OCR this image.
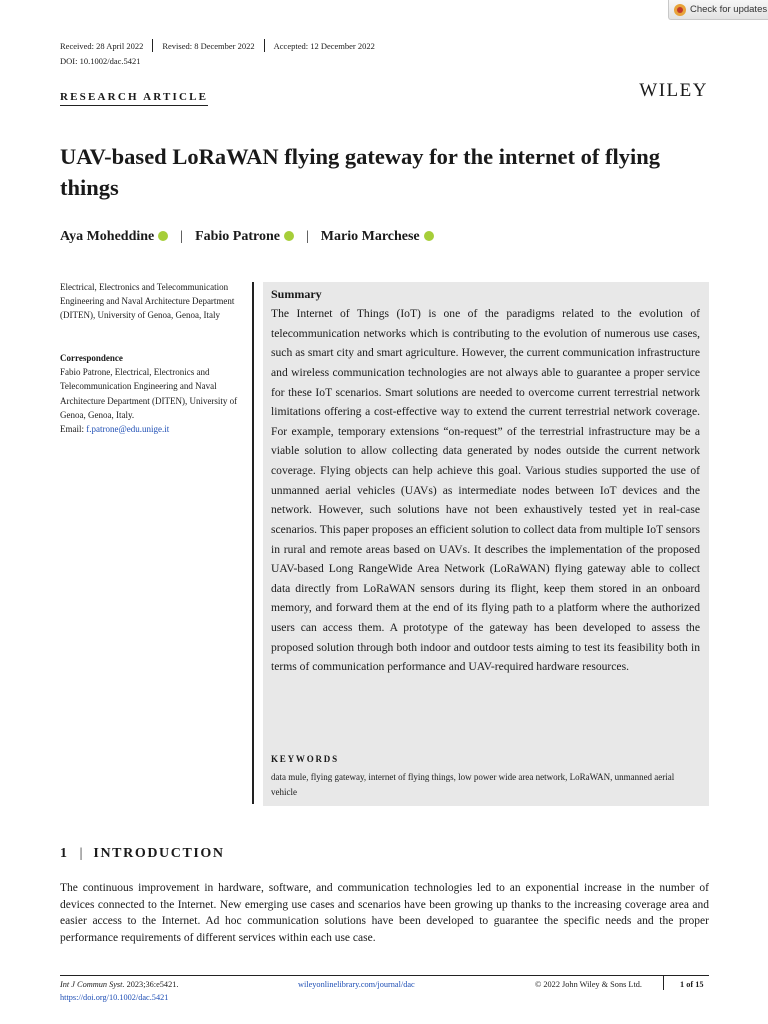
Check for updates
Received: 28 April 2022 Revised: 8 December 2022 Accepted: 12 December 2022
DOI: 10.1002/dac.5421
RESEARCH ARTICLE	WILEY
UAV-based LoRaWAN flying gateway for the internet of flying things
Aya Moheddine | Fabio Patrone | Mario Marchese
Electrical, Electronics and Telecommunication Engineering and Naval Architecture Department (DITEN), University of Genoa, Genoa, Italy
Correspondence
Fabio Patrone, Electrical, Electronics and Telecommunication Engineering and Naval Architecture Department (DITEN), University of Genoa, Genoa, Italy.
Email: f.patrone@edu.unige.it
Summary

The Internet of Things (IoT) is one of the paradigms related to the evolution of telecommunication networks which is contributing to the evolution of numerous use cases, such as smart city and smart agriculture. However, the current communication infrastructure and wireless communication technologies are not always able to guarantee a proper service for these IoT scenarios. Smart solutions are needed to overcome current terrestrial network limitations offering a cost-effective way to extend the current terrestrial network coverage. For example, temporary extensions “on-request” of the terrestrial infrastructure may be a viable solution to allow collecting data generated by nodes outside the current network coverage. Flying objects can help achieve this goal. Various studies supported the use of unmanned aerial vehicles (UAVs) as intermediate nodes between IoT devices and the network. However, such solutions have not been exhaustively tested yet in real-case scenarios. This paper proposes an efficient solution to collect data from multiple IoT sensors in rural and remote areas based on UAVs. It describes the implementation of the proposed UAV-based Long RangeWide Area Network (LoRaWAN) flying gateway able to collect data directly from LoRaWAN sensors during its flight, keep them stored in an onboard memory, and forward them at the end of its flying path to a platform where the authorized users can access them. A prototype of the gateway has been developed to assess the proposed solution through both indoor and outdoor tests aiming to test its feasibility both in terms of communication performance and UAV-required hardware resources.

KEYWORDS
data mule, flying gateway, internet of flying things, low power wide area network, LoRaWAN, unmanned aerial vehicle
1 | INTRODUCTION

The continuous improvement in hardware, software, and communication technologies led to an exponential increase in the number of devices connected to the Internet. New emerging use cases and scenarios have been growing up thanks to the increasing coverage area and easier access to the Internet. Ad hoc communication solutions have been developed to guarantee the specific needs and the proper performance requirements of different services within each use case.

Int J Commun Syst. 2023;36:e5421.
https://doi.org/10.1002/dac.5421
wileyonlinelibrary.com/journal/dac	© 2022 John Wiley & Sons Ltd.	1 of 15
